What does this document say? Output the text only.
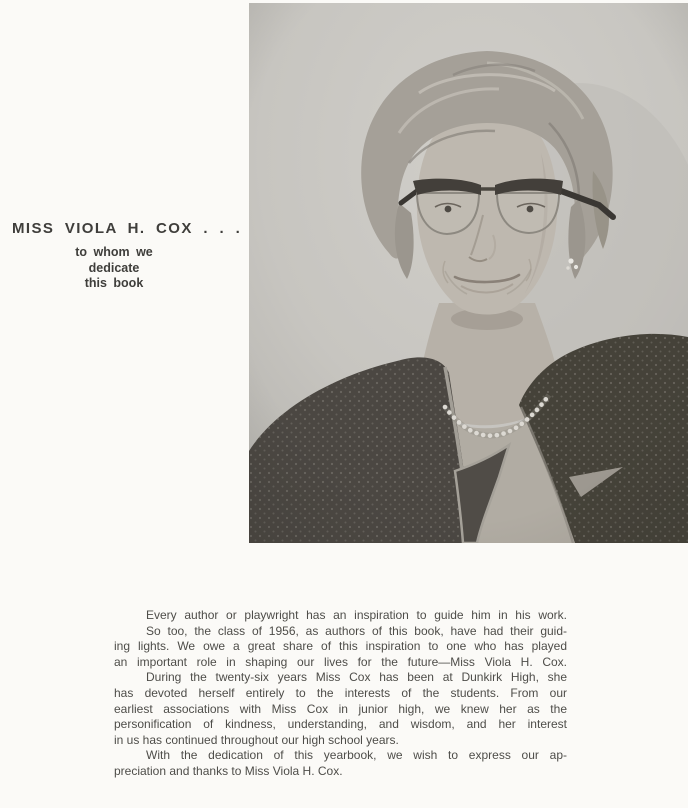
MISS VIOLA H. COX . . .
to whom we
dedicate
this book
Every author or playwright has an inspiration to guide him in his work.
So too, the class of 1956, as authors of this book, have had their guid-
ing lights. We owe a great share of this inspiration to one who has played
an important role in shaping our lives for the future—Miss Viola H. Cox.
During the twenty-six years Miss Cox has been at Dunkirk High, she
has devoted herself entirely to the interests of the students. From our
earliest associations with Miss Cox in junior high, we knew her as the
personification of kindness, understanding, and wisdom, and her interest
in us has continued throughout our high school years.
With the dedication of this yearbook, we wish to express our ap-
preciation and thanks to Miss Viola H. Cox.
